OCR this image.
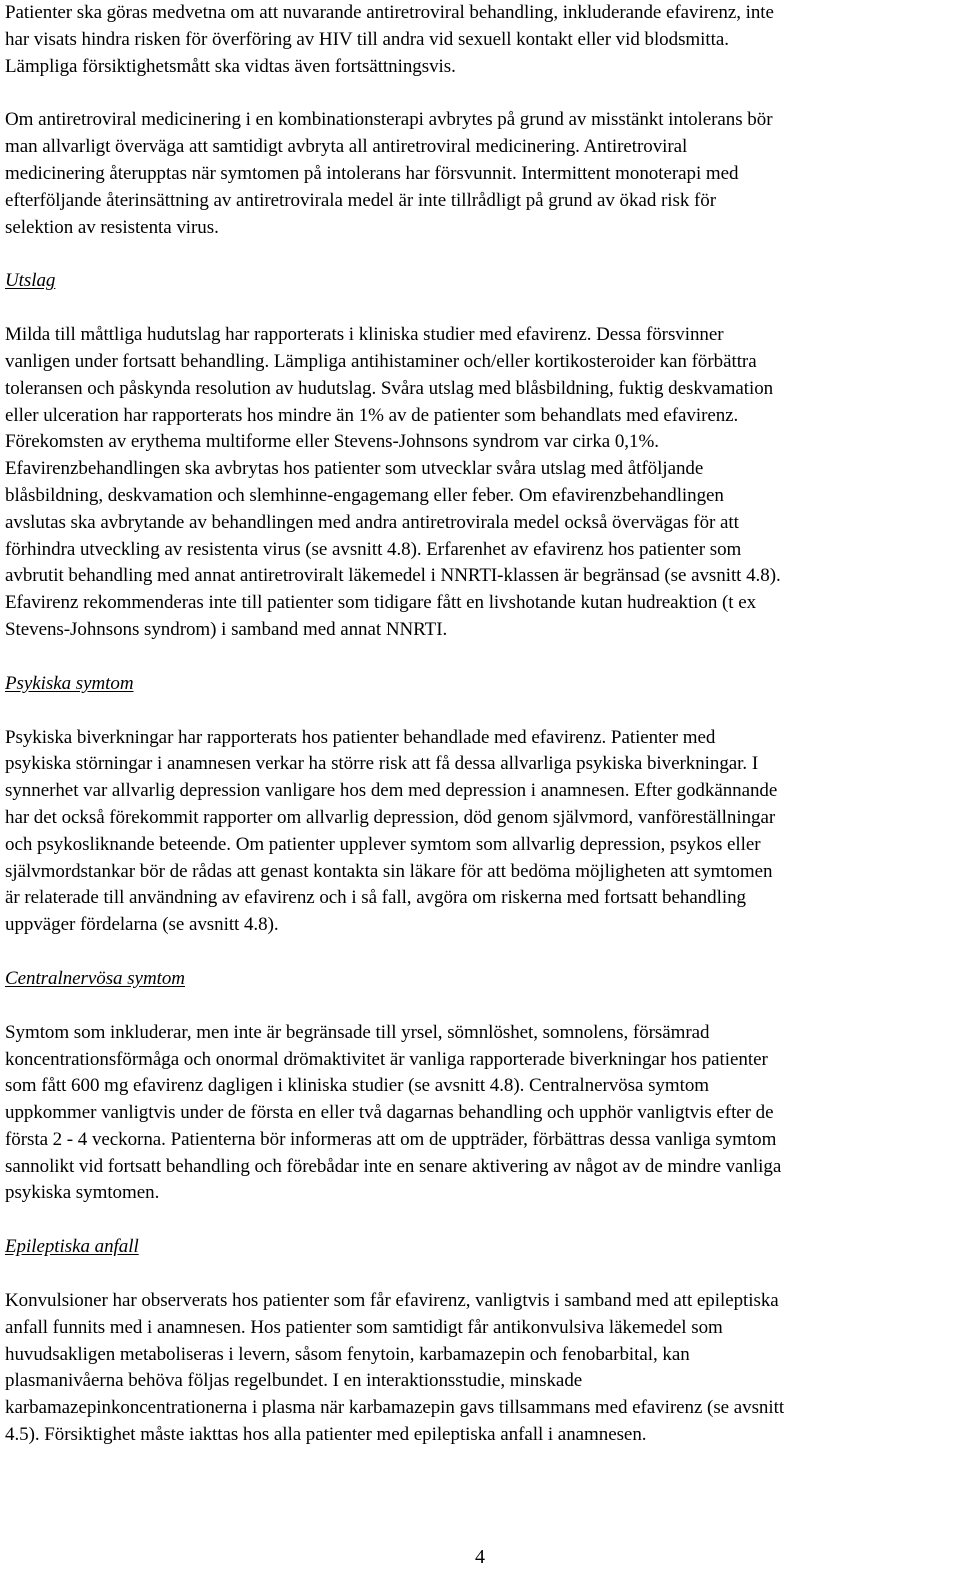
Patienter ska göras medvetna om att nuvarande antiretroviral behandling, inkluderande efavirenz, inte
har visats hindra risken för överföring av HIV till andra vid sexuell kontakt eller vid blodsmitta.
Lämpliga försiktighetsmått ska vidtas även fortsättningsvis.

Om antiretroviral medicinering i en kombinationsterapi avbrytes på grund av misstänkt intolerans bör
man allvarligt överväga att samtidigt avbryta all antiretroviral medicinering. Antiretroviral
medicinering återupptas när symtomen på intolerans har försvunnit. Intermittent monoterapi med
efterföljande återinsättning av antiretrovirala medel är inte tillrådligt på grund av ökad risk för
selektion av resistenta virus.

Utslag

Milda till måttliga hudutslag har rapporterats i kliniska studier med efavirenz. Dessa försvinner
vanligen under fortsatt behandling. Lämpliga antihistaminer och/eller kortikosteroider kan förbättra
toleransen och påskynda resolution av hudutslag. Svåra utslag med blåsbildning, fuktig deskvamation
eller ulceration har rapporterats hos mindre än 1% av de patienter som behandlats med efavirenz.
Förekomsten av erythema multiforme eller Stevens-Johnsons syndrom var cirka 0,1%.
Efavirenzbehandlingen ska avbrytas hos patienter som utvecklar svåra utslag med åtföljande
blåsbildning, deskvamation och slemhinne-engagemang eller feber. Om efavirenzbehandlingen
avslutas ska avbrytande av behandlingen med andra antiretrovirala medel också övervägas för att
förhindra utveckling av resistenta virus (se avsnitt 4.8). Erfarenhet av efavirenz hos patienter som
avbrutit behandling med annat antiretroviralt läkemedel i NNRTI-klassen är begränsad (se avsnitt 4.8).
Efavirenz rekommenderas inte till patienter som tidigare fått en livshotande kutan hudreaktion (t ex
Stevens-Johnsons syndrom) i samband med annat NNRTI.

Psykiska symtom

Psykiska biverkningar har rapporterats hos patienter behandlade med efavirenz. Patienter med
psykiska störningar i anamnesen verkar ha större risk att få dessa allvarliga psykiska biverkningar. I
synnerhet var allvarlig depression vanligare hos dem med depression i anamnesen. Efter godkännande
har det också förekommit rapporter om allvarlig depression, död genom självmord, vanföreställningar
och psykosliknande beteende. Om patienter upplever symtom som allvarlig depression, psykos eller
självmordstankar bör de rådas att genast kontakta sin läkare för att bedöma möjligheten att symtomen
är relaterade till användning av efavirenz och i så fall, avgöra om riskerna med fortsatt behandling
uppväger fördelarna (se avsnitt 4.8).

Centralnervösa symtom

Symtom som inkluderar, men inte är begränsade till yrsel, sömnlöshet, somnolens, försämrad
koncentrationsförmåga och onormal drömaktivitet är vanliga rapporterade biverkningar hos patienter
som fått 600 mg efavirenz dagligen i kliniska studier (se avsnitt 4.8). Centralnervösa symtom
uppkommer vanligtvis under de första en eller två dagarnas behandling och upphör vanligtvis efter de
första 2 - 4 veckorna. Patienterna bör informeras att om de uppträder, förbättras dessa vanliga symtom
sannolikt vid fortsatt behandling och förebådar inte en senare aktivering av något av de mindre vanliga
psykiska symtomen.

Epileptiska anfall

Konvulsioner har observerats hos patienter som får efavirenz, vanligtvis i samband med att epileptiska
anfall funnits med i anamnesen. Hos patienter som samtidigt får antikonvulsiva läkemedel som
huvudsakligen metaboliseras i levern, såsom fenytoin, karbamazepin och fenobarbital, kan
plasmanivåerna behöva följas regelbundet. I en interaktionsstudie, minskade
karbamazepinkoncentrationerna i plasma när karbamazepin gavs tillsammans med efavirenz (se avsnitt
4.5). Försiktighet måste iakttas hos alla patienter med epileptiska anfall i anamnesen.

4
